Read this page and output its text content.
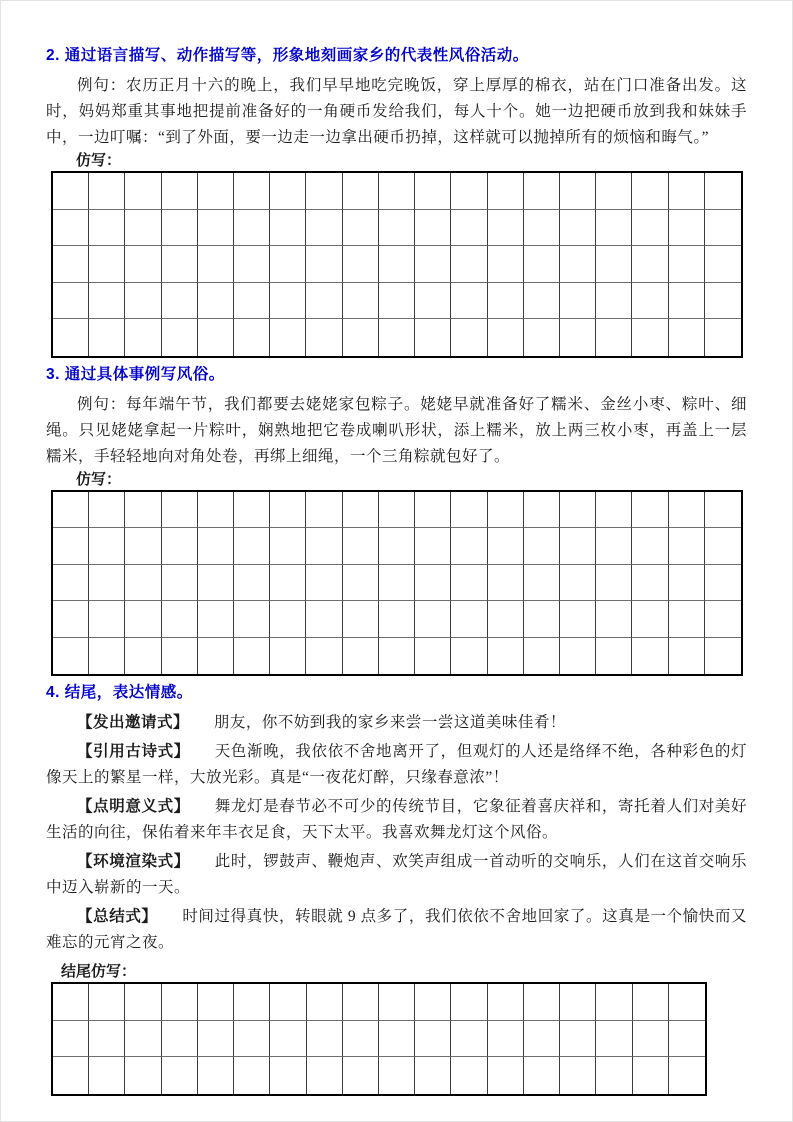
2. 通过语言描写、动作描写等，形象地刻画家乡的代表性风俗活动。

例句：农历正月十六的晚上，我们早早地吃完晚饭，穿上厚厚的棉衣，站在门口准备出发。这时，妈妈郑重其事地把提前准备好的一角硬币发给我们，每人十个。她一边把硬币放到我和妹妹手中，一边叮嘱：“到了外面，要一边走一边拿出硬币扔掉，这样就可以抛掉所有的烦恼和晦气。”

仿写：
3. 通过具体事例写风俗。

例句：每年端午节，我们都要去姥姥家包粽子。姥姥早就准备好了糯米、金丝小枣、粽叶、细绳。只见姥姥拿起一片粽叶，娴熟地把它卷成喇叭形状，添上糯米，放上两三枚小枣，再盖上一层糯米，手轻轻地向对角处卷，再绑上细绳，一个三角粽就包好了。

仿写：
4. 结尾，表达情感。

【发出邀请式】 朋友，你不妨到我的家乡来尝一尝这道美味佳肴！

【引用古诗式】 天色渐晚，我依依不舍地离开了，但观灯的人还是络绎不绝，各种彩色的灯像天上的繁星一样，大放光彩。真是“一夜花灯醉，只缘春意浓”！

【点明意义式】 舞龙灯是春节必不可少的传统节目，它象征着喜庆祥和，寄托着人们对美好生活的向往，保佑着来年丰衣足食，天下太平。我喜欢舞龙灯这个风俗。

【环境渲染式】 此时，锣鼓声、鞭炮声、欢笑声组成一首动听的交响乐，人们在这首交响乐中迈入崭新的一天。

【总结式】 时间过得真快，转眼就 9 点多了，我们依依不舍地回家了。这真是一个愉快而又难忘的元宵之夜。

结尾仿写：
